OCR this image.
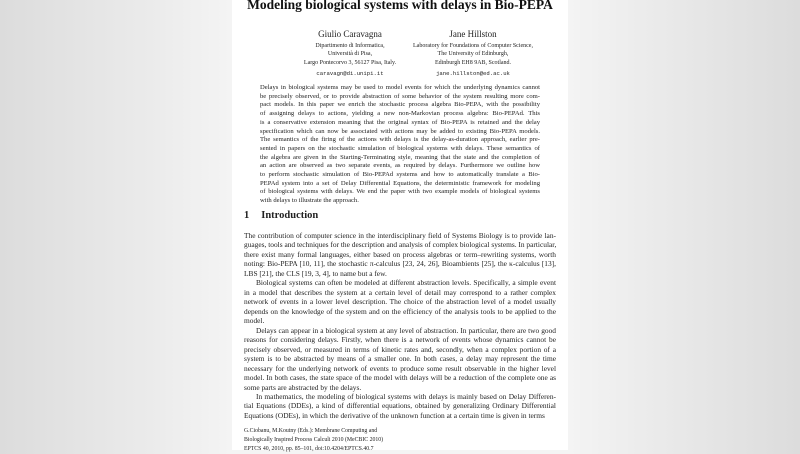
Modeling biological systems with delays in Bio-PEPA
Giulio Caravagna
Dipartimento di Informatica,
Università di Pisa,
Largo Pontecorvo 3, 56127 Pisa, Italy.
caravagn@di.unipi.it
Jane Hillston
Laboratory for Foundations of Computer Science,
The University of Edinburgh,
Edinburgh EH8 9AB, Scotland.
jane.hillston@ed.ac.uk
Delays in biological systems may be used to model events for which the underlying dynamics cannot
be precisely observed, or to provide abstraction of some behavior of the system resulting more com-
pact models. In this paper we enrich the stochastic process algebra Bio-PEPA, with the possibility
of assigning delays to actions, yielding a new non-Markovian process algebra: Bio-PEPAd. This
is a conservative extension meaning that the original syntax of Bio-PEPA is retained and the delay
specification which can now be associated with actions may be added to existing Bio-PEPA models.
The semantics of the firing of the actions with delays is the delay-as-duration approach, earlier pre-
sented in papers on the stochastic simulation of biological systems with delays. These semantics of
the algebra are given in the Starting-Terminating style, meaning that the state and the completion of
an action are observed as two separate events, as required by delays. Furthermore we outline how
to perform stochastic simulation of Bio-PEPAd systems and how to automatically translate a Bio-
PEPAd system into a set of Delay Differential Equations, the deterministic framework for modeling
of biological systems with delays. We end the paper with two example models of biological systems
with delays to illustrate the approach.
1 Introduction
The contribution of computer science in the interdisciplinary field of Systems Biology is to provide lan-
guages, tools and techniques for the description and analysis of complex biological systems. In particular,
there exist many formal languages, either based on process algebras or term–rewriting systems, worth
noting: Bio-PEPA [10, 11], the stochastic π-calculus [23, 24, 26], Bioambients [25], the κ-calculus [13],
LBS [21], the CLS [19, 3, 4], to name but a few.
Biological systems can often be modeled at different abstraction levels. Specifically, a simple event
in a model that describes the system at a certain level of detail may correspond to a rather complex
network of events in a lower level description. The choice of the abstraction level of a model usually
depends on the knowledge of the system and on the efficiency of the analysis tools to be applied to the
model.
Delays can appear in a biological system at any level of abstraction. In particular, there are two good
reasons for considering delays. Firstly, when there is a network of events whose dynamics cannot be
precisely observed, or measured in terms of kinetic rates and, secondly, when a complex portion of a
system is to be abstracted by means of a smaller one. In both cases, a delay may represent the time
necessary for the underlying network of events to produce some result observable in the higher level
model. In both cases, the state space of the model with delays will be a reduction of the complete one as
some parts are abstracted by the delays.
In mathematics, the modeling of biological systems with delays is mainly based on Delay Differen-
tial Equations (DDEs), a kind of differential equations, obtained by generalizing Ordinary Differential
Equations (ODEs), in which the derivative of the unknown function at a certain time is given in terms
G.Ciobanu, M.Koutny (Eds.): Membrane Computing and
Biologically Inspired Process Calculi 2010 (MeCBIC 2010)
EPTCS 40, 2010, pp. 85–101, doi:10.4204/EPTCS.40.7
